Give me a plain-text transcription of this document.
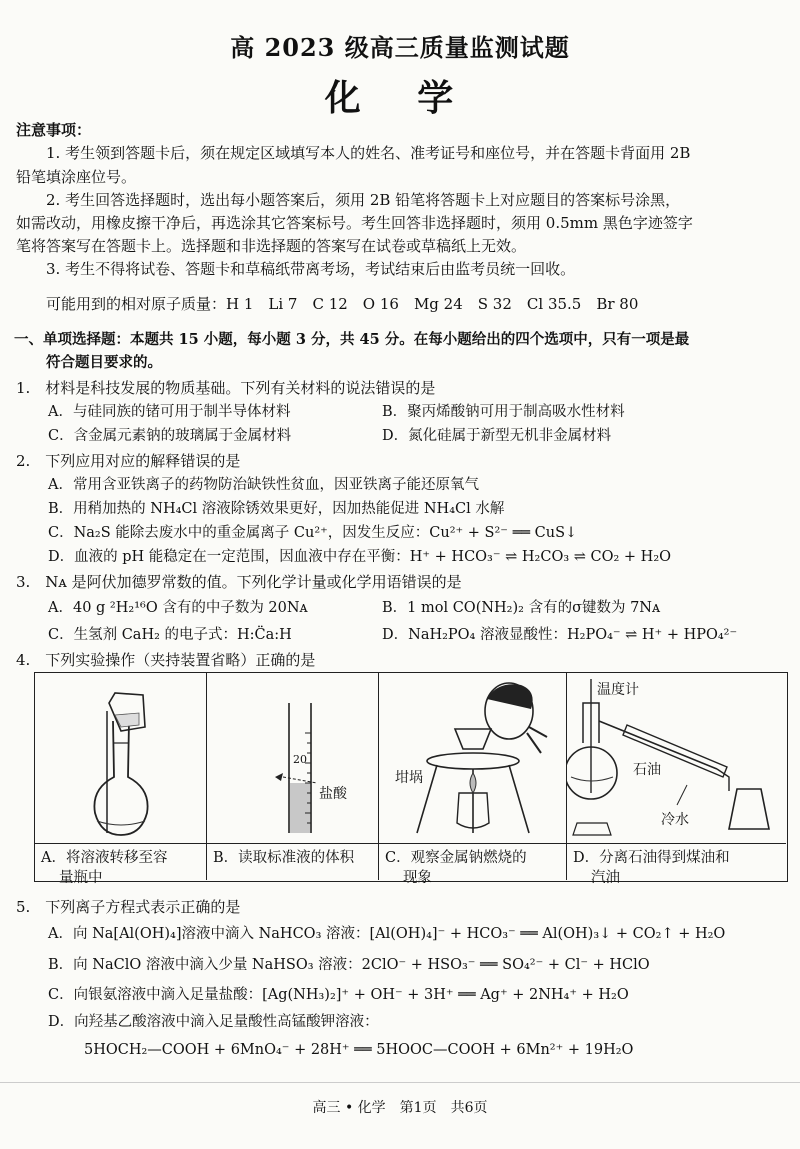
高 2023 级高三质量监测试题
化 学
注意事项：
1. 考生领到答题卡后，须在规定区域填写本人的姓名、准考证号和座位号，并在答题卡背面用 2B
铅笔填涂座位号。
2. 考生回答选择题时，选出每小题答案后，须用 2B 铅笔将答题卡上对应题目的答案标号涂黑，
如需改动，用橡皮擦干净后，再选涂其它答案标号。考生回答非选择题时，须用 0.5mm 黑色字迹签字
笔将答案写在答题卡上。选择题和非选择题的答案写在试卷或草稿纸上无效。
3. 考生不得将试卷、答题卡和草稿纸带离考场，考试结束后由监考员统一回收。
可能用到的相对原子质量：H 1　Li 7　C 12　O 16　Mg 24　S 32　Cl 35.5　Br 80
一、单项选择题：本题共 15 小题，每小题 3 分，共 45 分。在每小题给出的四个选项中，只有一项是最
符合题目要求的。
1.　材料是科技发展的物质基础。下列有关材料的说法错误的是
A．与硅同族的锗可用于制半导体材料	B．聚丙烯酸钠可用于制高吸水性材料
C．含金属元素钠的玻璃属于金属材料	D．氮化硅属于新型无机非金属材料
2.　下列应用对应的解释错误的是
A．常用含亚铁离子的药物防治缺铁性贫血，因亚铁离子能还原氧气
B．用稍加热的 NH₄Cl 溶液除锈效果更好，因加热能促进 NH₄Cl 水解
C．Na₂S 能除去废水中的重金属离子 Cu²⁺，因发生反应：Cu²⁺ + S²⁻ ══ CuS↓
D．血液的 pH 能稳定在一定范围，因血液中存在平衡：H⁺ + HCO₃⁻ ⇌ H₂CO₃ ⇌ CO₂ + H₂O
3.　Nᴀ 是阿伏加德罗常数的值。下列化学计量或化学用语错误的是
A．40 g ²H₂¹⁶O 含有的中子数为 20Nᴀ	B．1 mol CO(NH₂)₂ 含有的σ键数为 7Nᴀ
C．生氢剂 CaH₂ 的电子式：H:C̈a:H	D．NaH₂PO₄ 溶液显酸性：H₂PO₄⁻ ⇌ H⁺ + HPO₄²⁻
4.　下列实验操作（夹持装置省略）正确的是
A．将溶液转移至容
量瓶中
20
盐酸
B．读取标准液的体积
坩埚
C．观察金属钠燃烧的
现象
温度计
石油
冷水
D．分离石油得到煤油和
汽油
5.　下列离子方程式表示正确的是
A．向 Na[Al(OH)₄]溶液中滴入 NaHCO₃ 溶液：[Al(OH)₄]⁻ + HCO₃⁻ ══ Al(OH)₃↓ + CO₂↑ + H₂O
B．向 NaClO 溶液中滴入少量 NaHSO₃ 溶液：2ClO⁻ + HSO₃⁻ ══ SO₄²⁻ + Cl⁻ + HClO
C．向银氨溶液中滴入足量盐酸：[Ag(NH₃)₂]⁺ + OH⁻ + 3H⁺ ══ Ag⁺ + 2NH₄⁺ + H₂O
D．向羟基乙酸溶液中滴入足量酸性高锰酸钾溶液：
5HOCH₂—COOH + 6MnO₄⁻ + 28H⁺ ══ 5HOOC—COOH + 6Mn²⁺ + 19H₂O
高三 • 化学　第1页　共6页
